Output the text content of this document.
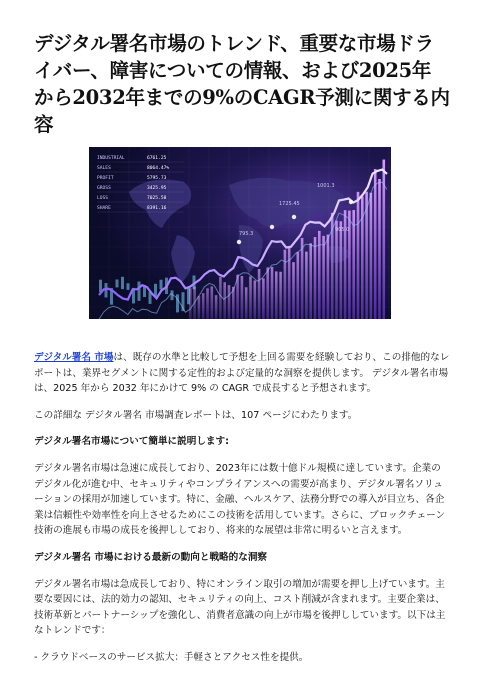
デジタル署名市場のトレンド、重要な市場ドライバー、障害についての情報、および2025年から2032年までの9%のCAGR予測に関する内容
INDUSTRIAL	6761.25
SALES	8064.47%
PROFIT	5795.73
GROSS	3425.95
LOSS	7025.58
SHARE	8391.16
1725.45
1001.3
795.3
905.0

デジタル署名 市場は、既存の水準と比較して予想を上回る需要を経験しており、この排他的なレポートは、業界セグメントに関する定性的および定量的な洞察を提供します。 デジタル署名市場は、2025 年から 2032 年にかけて 9% の CAGR で成長すると予想されます。

この詳細な デジタル署名 市場調査レポートは、107 ページにわたります。

デジタル署名市場について簡単に説明します:

デジタル署名市場は急速に成長しており、2023年には数十億ドル規模に達しています。企業のデジタル化が進む中、セキュリティやコンプライアンスへの需要が高まり、デジタル署名ソリューションの採用が加速しています。特に、金融、ヘルスケア、法務分野での導入が目立ち、各企業は信頼性や効率性を向上させるためにこの技術を活用しています。さらに、ブロックチェーン技術の進展も市場の成長を後押ししており、将来的な展望は非常に明るいと言えます。

デジタル署名 市場における最新の動向と戦略的な洞察

デジタル署名市場は急成長しており、特にオンライン取引の増加が需要を押し上げています。主要な要因には、法的効力の認知、セキュリティの向上、コスト削減が含まれます。主要企業は、技術革新とパートナーシップを強化し、消費者意識の向上が市場を後押ししています。以下は主なトレンドです：

- クラウドベースのサービス拡大：手軽さとアクセス性を提供。
